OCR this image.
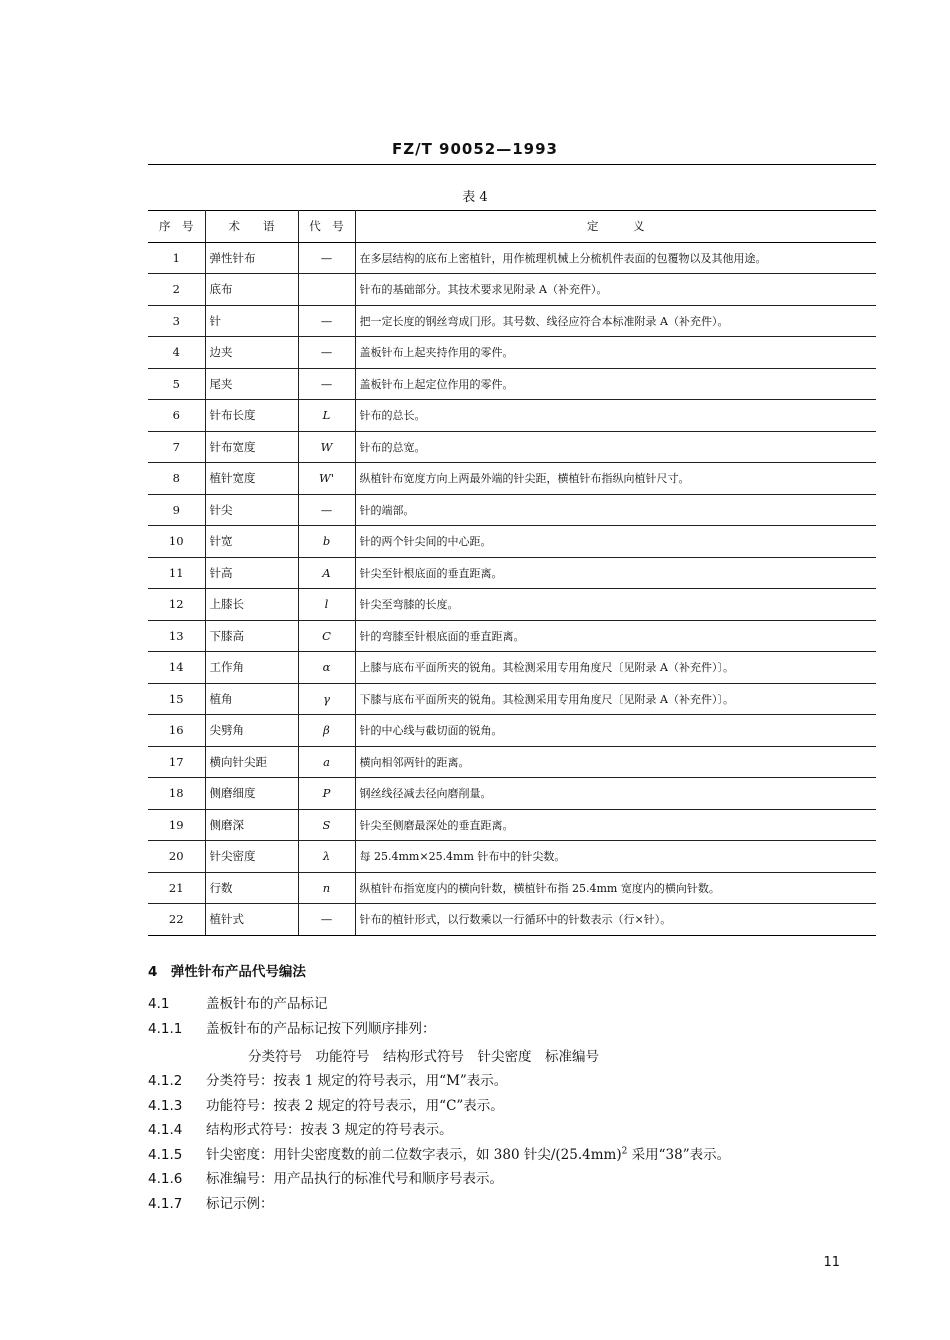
FZ/T 90052—1993
表 4
序　号	术　　语	代　号	定　　　义
1	弹性针布	—	在多层结构的底布上密植针，用作梳理机械上分梳机件表面的包覆物以及其他用途。
2	底布		针布的基础部分。其技术要求见附录 A（补充件）。
3	针	—	把一定长度的钢丝弯成冂形。其号数、线径应符合本标准附录 A（补充件）。
4	边夹	—	盖板针布上起夹持作用的零件。
5	尾夹	—	盖板针布上起定位作用的零件。
6	针布长度	L	针布的总长。
7	针布宽度	W	针布的总宽。
8	植针宽度	W'	纵植针布宽度方向上两最外端的针尖距，横植针布指纵向植针尺寸。
9	针尖	—	针的端部。
10	针宽	b	针的两个针尖间的中心距。
11	针高	A	针尖至针根底面的垂直距离。
12	上膝长	l	针尖至弯膝的长度。
13	下膝高	C	针的弯膝至针根底面的垂直距离。
14	工作角	α	上膝与底布平面所夹的锐角。其检测采用专用角度尺〔见附录 A（补充件）〕。
15	植角	γ	下膝与底布平面所夹的锐角。其检测采用专用角度尺〔见附录 A（补充件）〕。
16	尖劈角	β	针的中心线与截切面的锐角。
17	横向针尖距	a	横向相邻两针的距离。
18	侧磨细度	P	钢丝线径减去径向磨削量。
19	侧磨深	S	针尖至侧磨最深处的垂直距离。
20	针尖密度	λ	每 25.4mm×25.4mm 针布中的针尖数。
21	行数	n	纵植针布指宽度内的横向针数，横植针布指 25.4mm 宽度内的横向针数。
22	植针式	—	针布的植针形式，以行数乘以一行循环中的针数表示（行×针）。
4　弹性针布产品代号编法
4.1	盖板针布的产品标记
4.1.1 盖板针布的产品标记按下列顺序排列：
分类符号　功能符号　结构形式符号　针尖密度　标准编号
4.1.2 分类符号：按表 1 规定的符号表示，用“M”表示。
4.1.3 功能符号：按表 2 规定的符号表示，用“C”表示。
4.1.4 结构形式符号：按表 3 规定的符号表示。
4.1.5 针尖密度：用针尖密度数的前二位数字表示，如 380 针尖$/(25.4mm)^2$ 采用“38”表示。
4.1.6 标准编号：用产品执行的标准代号和顺序号表示。
4.1.7 标记示例：
11
